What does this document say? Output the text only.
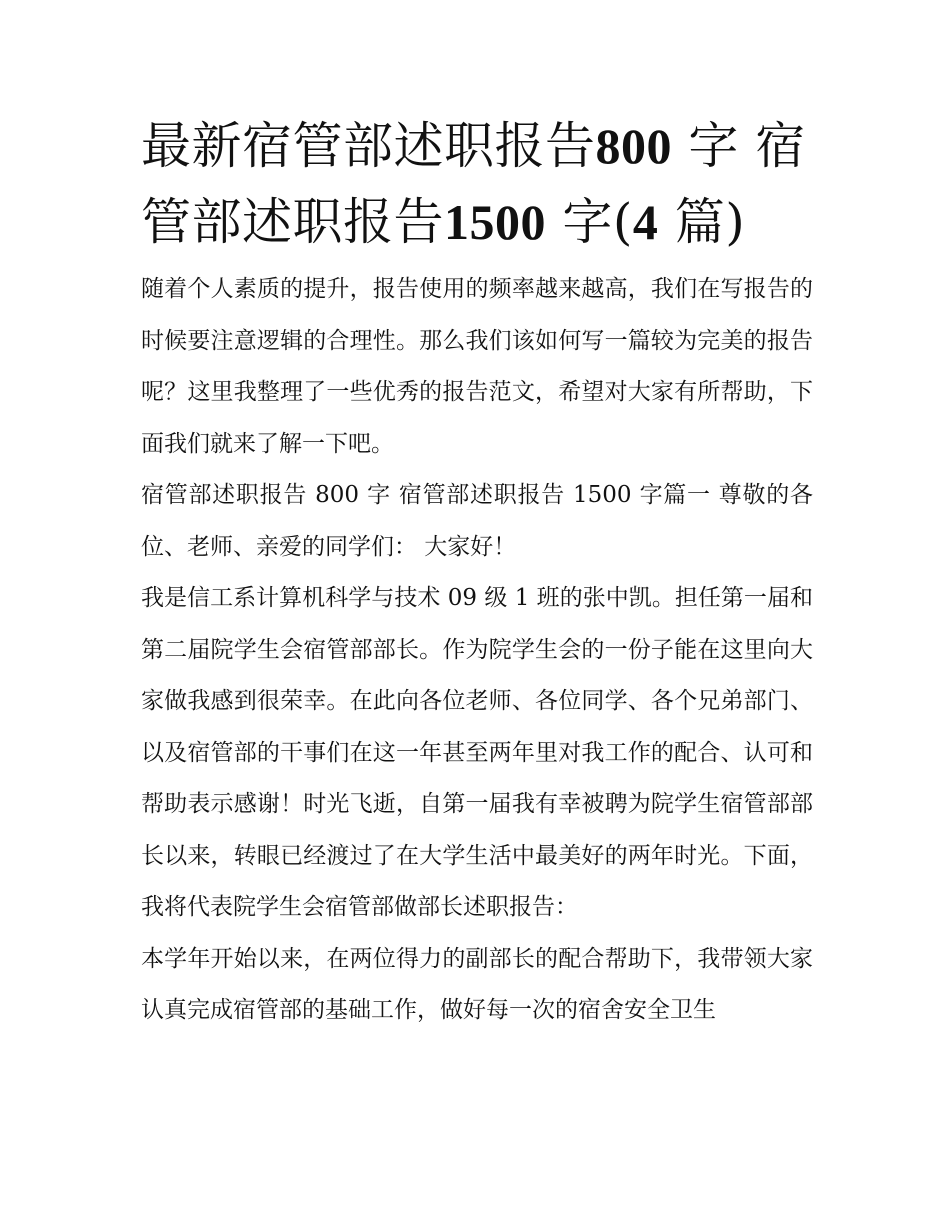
最新宿管部述职报告800 字 宿管部述职报告1500 字(4 篇)

随着个人素质的提升，报告使用的频率越来越高，我们在写报告的时候要注意逻辑的合理性。那么我们该如何写一篇较为完美的报告呢？这里我整理了一些优秀的报告范文，希望对大家有所帮助，下面我们就来了解一下吧。

宿管部述职报告 800 字 宿管部述职报告 1500 字篇一 尊敬的各位、老师、亲爱的同学们： 大家好！

我是信工系计算机科学与技术 09 级 1 班的张中凯。担任第一届和第二届院学生会宿管部部长。作为院学生会的一份子能在这里向大家做我感到很荣幸。在此向各位老师、各位同学、各个兄弟部门、以及宿管部的干事们在这一年甚至两年里对我工作的配合、认可和帮助表示感谢！时光飞逝，自第一届我有幸被聘为院学生宿管部部长以来，转眼已经渡过了在大学生活中最美好的两年时光。下面，我将代表院学生会宿管部做部长述职报告：

本学年开始以来，在两位得力的副部长的配合帮助下，我带领大家认真完成宿管部的基础工作，做好每一次的宿舍安全卫生
